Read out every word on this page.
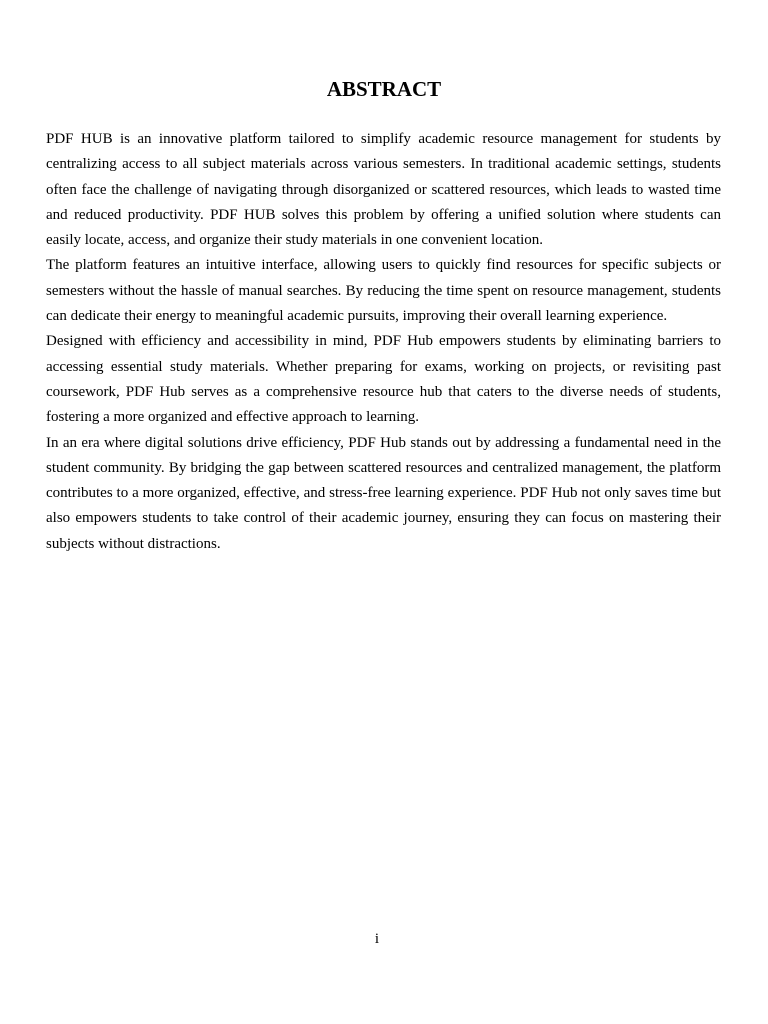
ABSTRACT

PDF HUB is an innovative platform tailored to simplify academic resource management for students by centralizing access to all subject materials across various semesters. In traditional academic settings, students often face the challenge of navigating through disorganized or scattered resources, which leads to wasted time and reduced productivity. PDF HUB solves this problem by offering a unified solution where students can easily locate, access, and organize their study materials in one convenient location.

The platform features an intuitive interface, allowing users to quickly find resources for specific subjects or semesters without the hassle of manual searches. By reducing the time spent on resource management, students can dedicate their energy to meaningful academic pursuits, improving their overall learning experience.

Designed with efficiency and accessibility in mind, PDF Hub empowers students by eliminating barriers to accessing essential study materials. Whether preparing for exams, working on projects, or revisiting past coursework, PDF Hub serves as a comprehensive resource hub that caters to the diverse needs of students, fostering a more organized and effective approach to learning.

In an era where digital solutions drive efficiency, PDF Hub stands out by addressing a fundamental need in the student community. By bridging the gap between scattered resources and centralized management, the platform contributes to a more organized, effective, and stress-free learning experience. PDF Hub not only saves time but also empowers students to take control of their academic journey, ensuring they can focus on mastering their subjects without distractions.

i
